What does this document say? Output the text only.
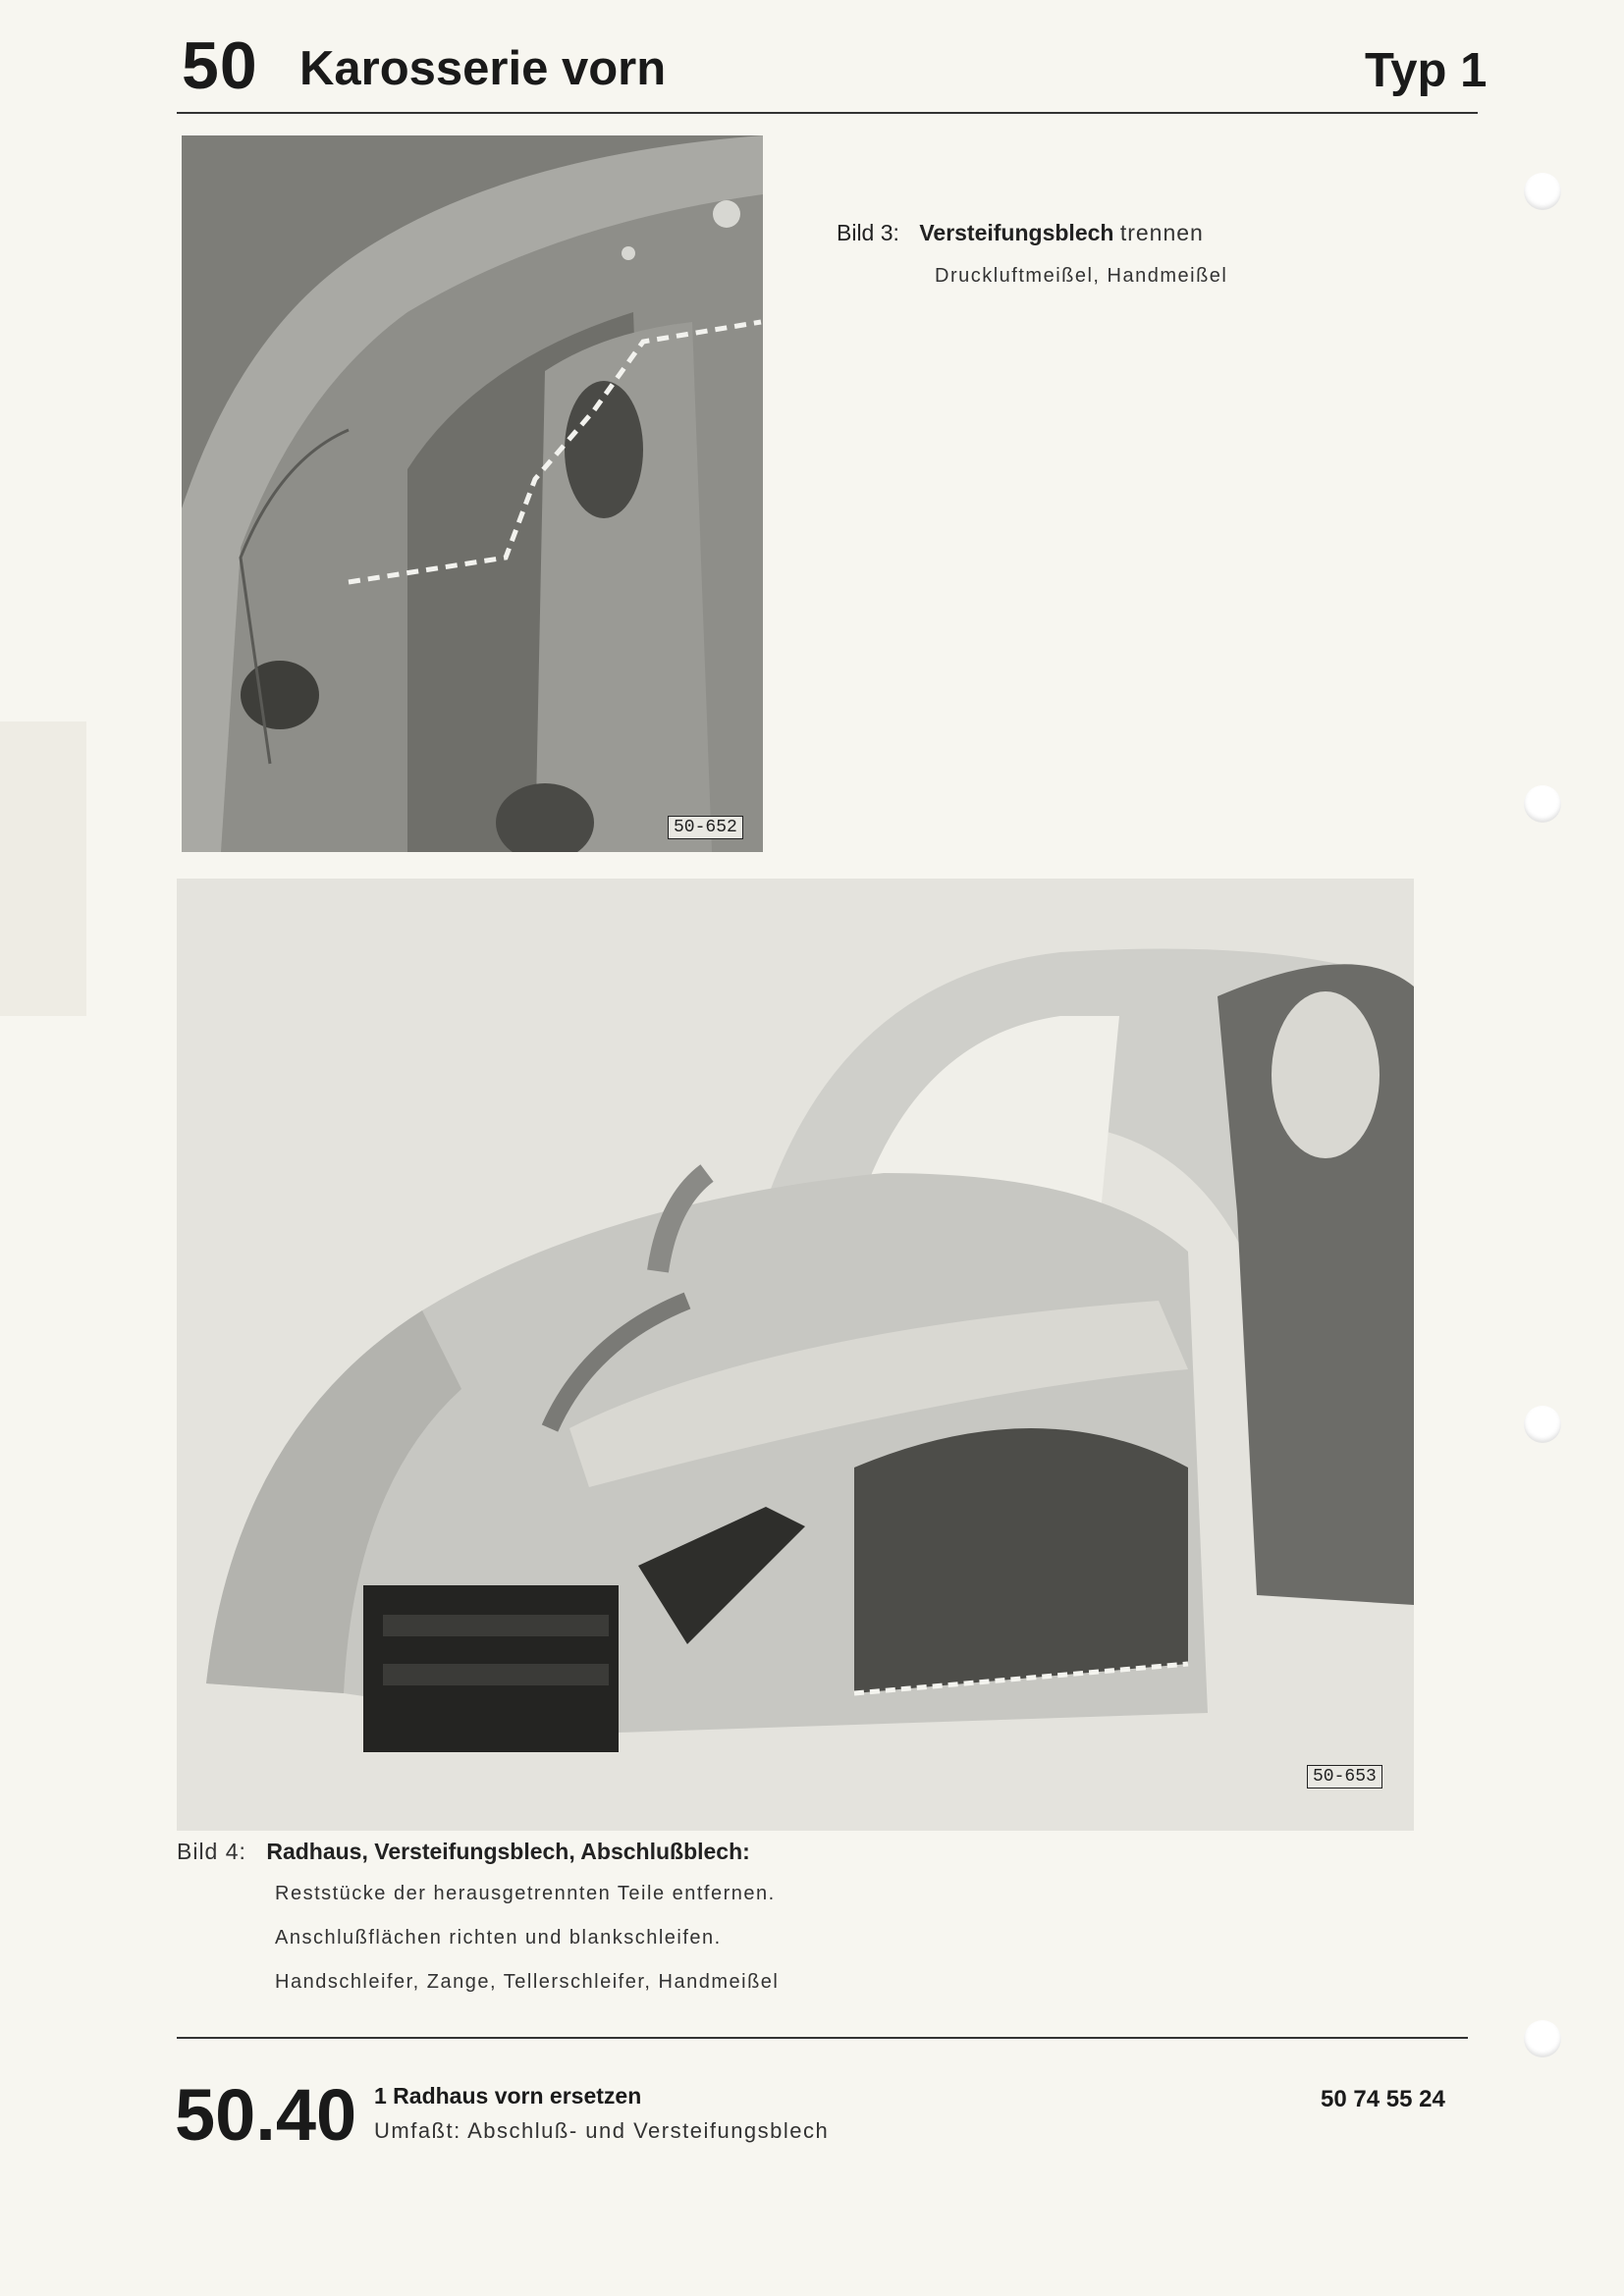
50 Karosserie vorn	Typ 1
50-652
Bild 3: Versteifungsblech trennen
Druckluftmeißel, Handmeißel
50-653
Bild 4: Radhaus, Versteifungsblech, Abschlußblech:
Reststücke der herausgetrennten Teile entfernen.
Anschlußflächen richten und blankschleifen.
Handschleifer, Zange, Tellerschleifer, Handmeißel
50.40 1 Radhaus vorn ersetzen
Umfaßt: Abschluß- und Versteifungsblech
50 74 55 24
